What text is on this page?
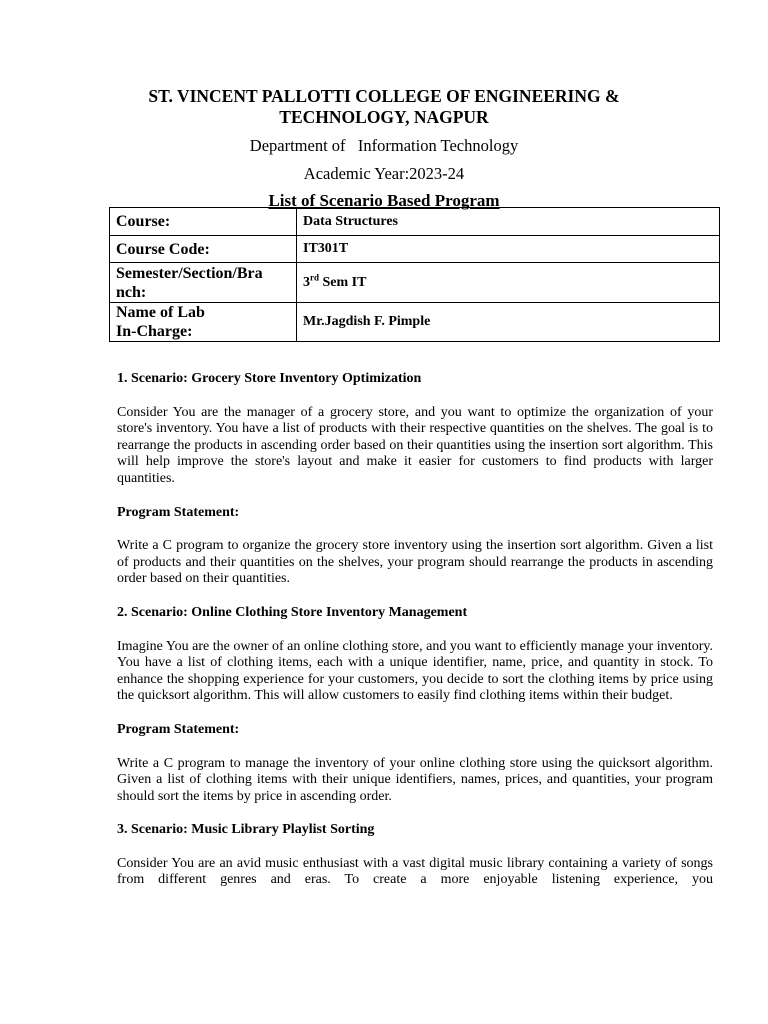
ST. VINCENT PALLOTTI COLLEGE OF ENGINEERING &
TECHNOLOGY, NAGPUR
Department of   Information Technology
Academic Year:2023-24
List of Scenario Based Program
Course:	Data Structures
Course Code:	IT301T

Semester/Section/Bra
nch:	3rd Sem IT

Name of Lab
In-Charge:	Mr.Jagdish F. Pimple
1. Scenario: Grocery Store Inventory Optimization

Consider You are the manager of a grocery store, and you want to optimize the organization of your store's inventory. You have a list of products with their respective quantities on the shelves. The goal is to rearrange the products in ascending order based on their quantities using the insertion sort algorithm. This will help improve the store's layout and make it easier for customers to find products with larger quantities.

Program Statement:

Write a C program to organize the grocery store inventory using the insertion sort algorithm. Given a list of products and their quantities on the shelves, your program should rearrange the products in ascending order based on their quantities.

2. Scenario: Online Clothing Store Inventory Management

Imagine You are the owner of an online clothing store, and you want to efficiently manage your inventory. You have a list of clothing items, each with a unique identifier, name, price, and quantity in stock. To enhance the shopping experience for your customers, you decide to sort the clothing items by price using the quicksort algorithm. This will allow customers to easily find clothing items within their budget.

Program Statement:

Write a C program to manage the inventory of your online clothing store using the quicksort algorithm. Given a list of clothing items with their unique identifiers, names, prices, and quantities, your program should sort the items by price in ascending order.

3. Scenario: Music Library Playlist Sorting

Consider You are an avid music enthusiast with a vast digital music library containing a variety of songs from different genres and eras. To create a more enjoyable listening experience, you
